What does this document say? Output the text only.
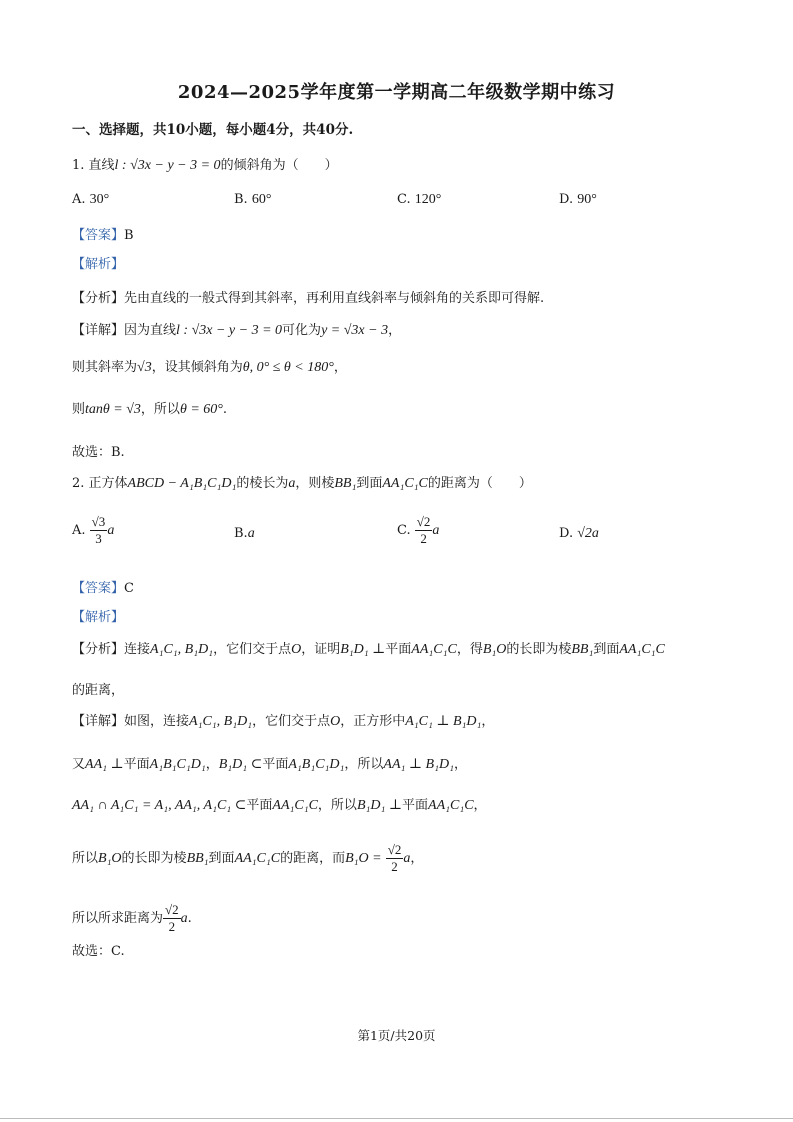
2024—2025学年度第一学期高二年级数学期中练习
一、选择题，共10小题，每小题4分，共40分.
1. 直线l : √3x − y − 3 = 0的倾斜角为（　　）
A. 30°	B. 60°	C. 120°	D. 90°
【答案】B
【解析】
【分析】先由直线的一般式得到其斜率，再利用直线斜率与倾斜角的关系即可得解.
【详解】因为直线l : √3x − y − 3 = 0可化为y = √3x − 3，
则其斜率为√3，设其倾斜角为θ, 0° ≤ θ < 180°，
则tanθ = √3，所以θ = 60°.
故选：B.
2. 正方体ABCD − A₁B₁C₁D₁的棱长为a，则棱BB₁到面AA₁C₁C的距离为（　　）
A. $\frac{√3}{3}$ a	B.a	C. $\frac{√2}{2}$ a	D. √2a
【答案】C
【解析】
【分析】连接A₁C₁, B₁D₁，它们交于点O，证明B₁D₁ ⊥平面AA₁C₁C，得B₁O的长即为棱BB₁到面AA₁C₁C
的距离，
【详解】如图，连接A₁C₁, B₁D₁，它们交于点O，正方形中A₁C₁ ⊥ B₁D₁，
又AA₁ ⊥平面A₁B₁C₁D₁，B₁D₁ ⊂平面A₁B₁C₁D₁，所以AA₁ ⊥ B₁D₁，
AA₁ ∩ A₁C₁ = A₁, AA₁, A₁C₁ ⊂平面AA₁C₁C，所以B₁D₁ ⊥平面AA₁C₁C，
所以B₁O的长即为棱BB₁到面AA₁C₁C的距离，而$B_1O = \frac{√2}{2}$ a，
所以所求距离为 $\frac{√2}{2} a$.
故选：C.
第1页/共20页
